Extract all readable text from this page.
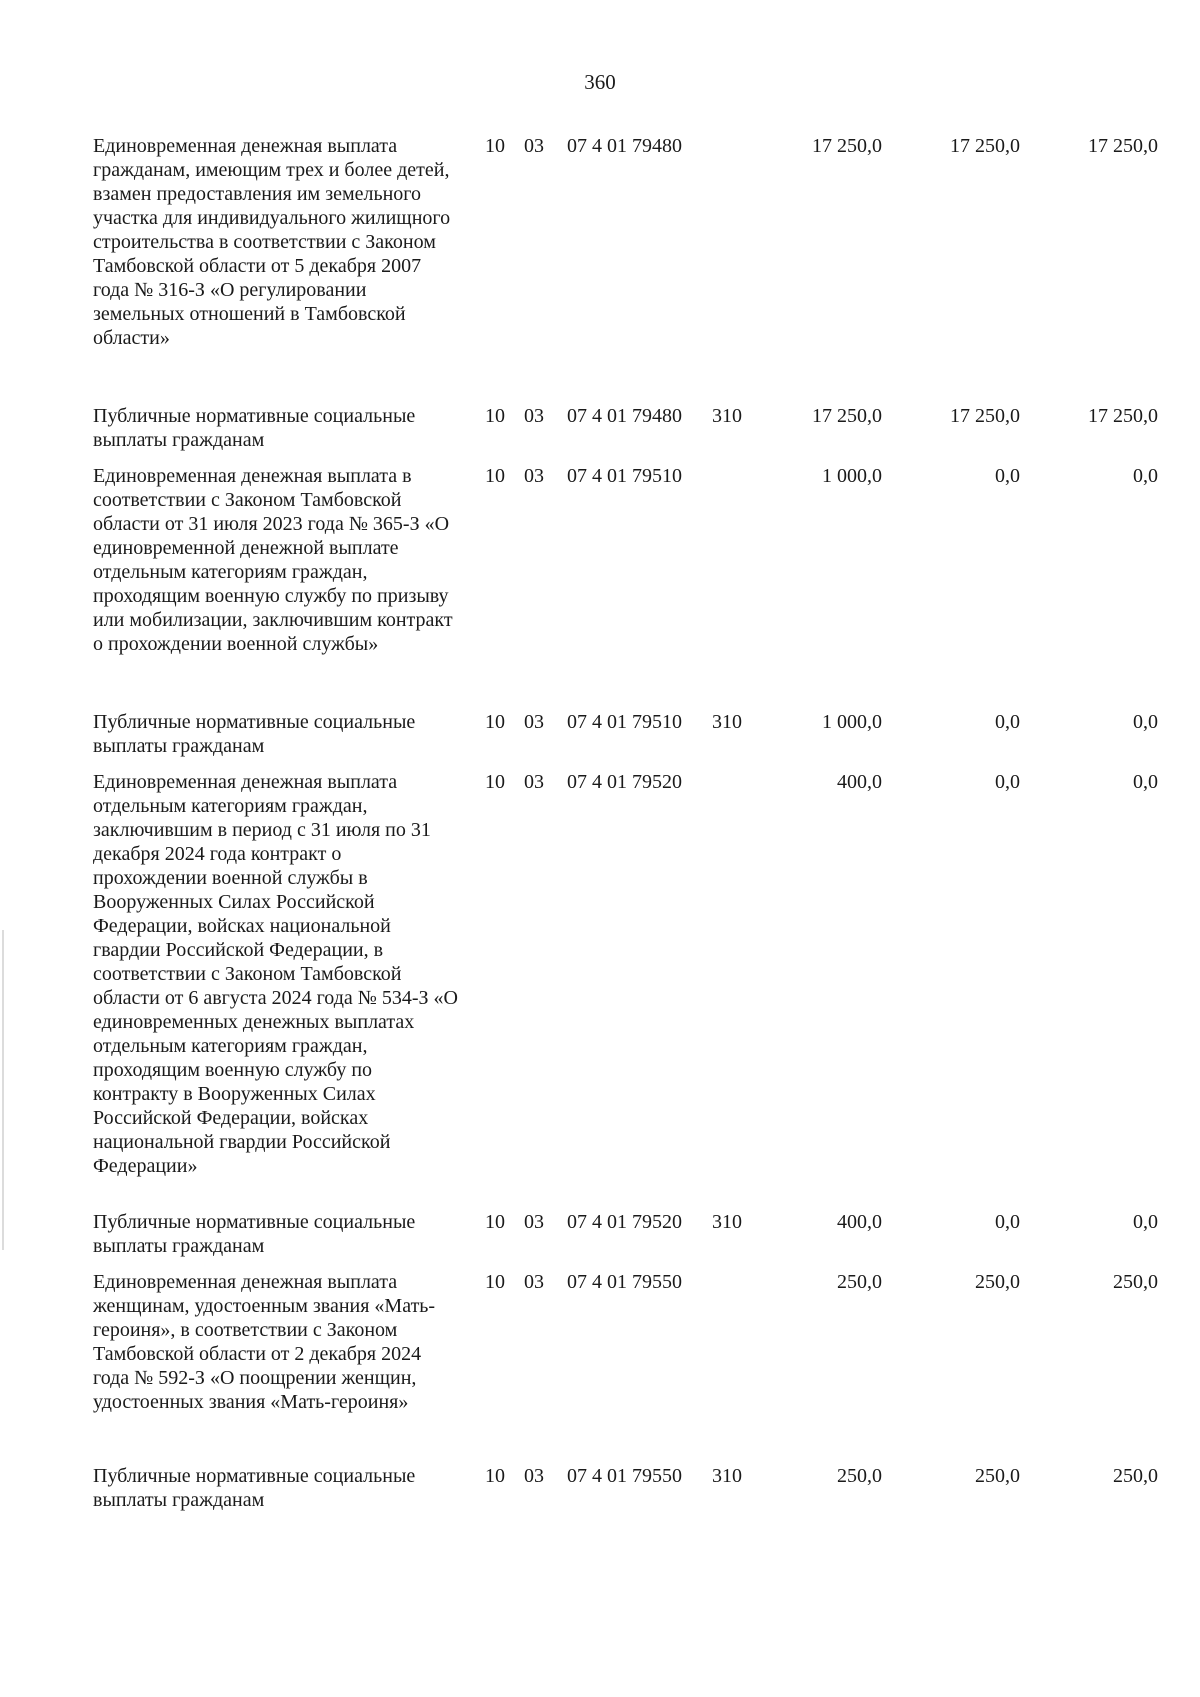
360
Единовременная денежная выплата гражданам, имеющим трех и более детей, взамен предоставления им земельного участка для индивидуального жилищного строительства в соответствии с Законом Тамбовской области от 5 декабря 2007 года № 316-З «О регулировании земельных отношений в Тамбовской области»
10 03 07 4 01 79480	17 250,0	17 250,0	17 250,0
Публичные нормативные социальные выплаты гражданам
10 03 07 4 01 79480 310	17 250,0	17 250,0	17 250,0
Единовременная денежная выплата в соответствии с Законом Тамбовской области от 31 июля 2023 года № 365-З «О единовременной денежной выплате отдельным категориям граждан, проходящим военную службу по призыву или мобилизации, заключившим контракт о прохождении военной службы»
10 03 07 4 01 79510	1 000,0	0,0	0,0
Публичные нормативные социальные выплаты гражданам
10 03 07 4 01 79510 310	1 000,0	0,0	0,0
Единовременная денежная выплата отдельным категориям граждан, заключившим в период с 31 июля по 31 декабря 2024 года контракт о прохождении военной службы в Вооруженных Силах Российской Федерации, войсках национальной гвардии Российской Федерации, в соответствии с Законом Тамбовской области от 6 августа 2024 года № 534-З «О единовременных денежных выплатах отдельным категориям граждан, проходящим военную службу по контракту в Вооруженных Силах Российской Федерации, войсках национальной гвардии Российской Федерации»
10 03 07 4 01 79520	400,0	0,0	0,0
Публичные нормативные социальные выплаты гражданам
10 03 07 4 01 79520 310	400,0	0,0	0,0
Единовременная денежная выплата женщинам, удостоенным звания «Мать-героиня», в соответствии с Законом Тамбовской области от 2 декабря 2024 года № 592-З «О поощрении женщин, удостоенных звания «Мать-героиня»
10 03 07 4 01 79550	250,0	250,0	250,0
Публичные нормативные социальные выплаты гражданам
10 03 07 4 01 79550 310	250,0	250,0	250,0
